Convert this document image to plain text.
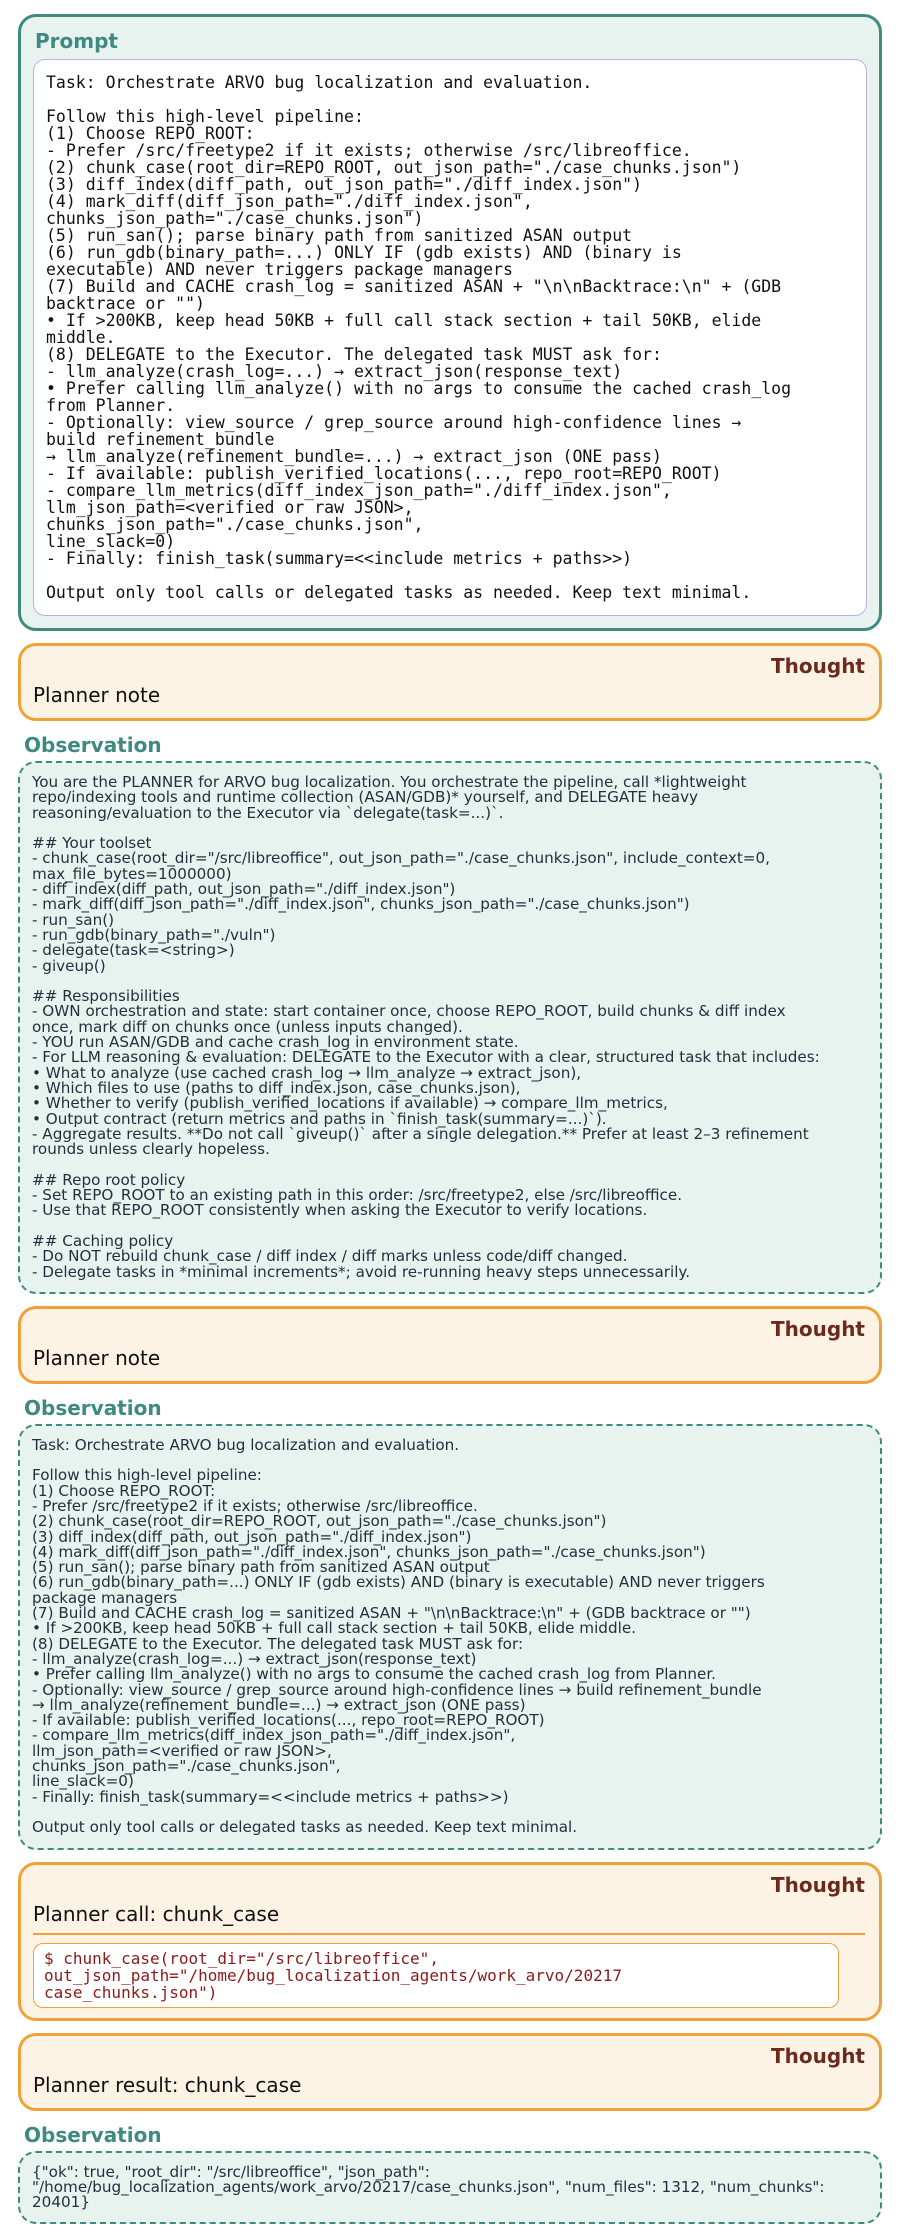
Prompt
Task: Orchestrate ARVO bug localization and evaluation.

Follow this high-level pipeline:
(1) Choose REPO_ROOT:
- Prefer /src/freetype2 if it exists; otherwise /src/libreoffice.
(2) chunk_case(root_dir=REPO_ROOT, out_json_path="./case_chunks.json")
(3) diff_index(diff_path, out_json_path="./diff_index.json")
(4) mark_diff(diff_json_path="./diff_index.json",
chunks_json_path="./case_chunks.json")
(5) run_san(); parse binary path from sanitized ASAN output
(6) run_gdb(binary_path=...) ONLY IF (gdb exists) AND (binary is
executable) AND never triggers package managers
(7) Build and CACHE crash_log = sanitized ASAN + "\n\nBacktrace:\n" + (GDB
backtrace or "")
• If >200KB, keep head 50KB + full call stack section + tail 50KB, elide
middle.
(8) DELEGATE to the Executor. The delegated task MUST ask for:
- llm_analyze(crash_log=...) → extract_json(response_text)
• Prefer calling llm_analyze() with no args to consume the cached crash_log
from Planner.
- Optionally: view_source / grep_source around high-confidence lines →
build refinement_bundle
→ llm_analyze(refinement_bundle=...) → extract_json (ONE pass)
- If available: publish_verified_locations(..., repo_root=REPO_ROOT)
- compare_llm_metrics(diff_index_json_path="./diff_index.json",
llm_json_path=<verified or raw JSON>,
chunks_json_path="./case_chunks.json",
line_slack=0)
- Finally: finish_task(summary=<<include metrics + paths>>)

Output only tool calls or delegated tasks as needed. Keep text minimal.
Thought
Planner note
Observation
You are the PLANNER for ARVO bug localization. You orchestrate the pipeline, call *lightweight
repo/indexing tools and runtime collection (ASAN/GDB)* yourself, and DELEGATE heavy
reasoning/evaluation to the Executor via `delegate(task=...)`.

## Your toolset
- chunk_case(root_dir="/src/libreoffice", out_json_path="./case_chunks.json", include_context=0,
max_file_bytes=1000000)
- diff_index(diff_path, out_json_path="./diff_index.json")
- mark_diff(diff_json_path="./diff_index.json", chunks_json_path="./case_chunks.json")
- run_san()
- run_gdb(binary_path="./vuln")
- delegate(task=<string>)
- giveup()

## Responsibilities
- OWN orchestration and state: start container once, choose REPO_ROOT, build chunks & diff index
once, mark diff on chunks once (unless inputs changed).
- YOU run ASAN/GDB and cache crash_log in environment state.
- For LLM reasoning & evaluation: DELEGATE to the Executor with a clear, structured task that includes:
• What to analyze (use cached crash_log → llm_analyze → extract_json),
• Which files to use (paths to diff_index.json, case_chunks.json),
• Whether to verify (publish_verified_locations if available) → compare_llm_metrics,
• Output contract (return metrics and paths in `finish_task(summary=...)`).
- Aggregate results. **Do not call `giveup()` after a single delegation.** Prefer at least 2–3 refinement
rounds unless clearly hopeless.

## Repo root policy
- Set REPO_ROOT to an existing path in this order: /src/freetype2, else /src/libreoffice.
- Use that REPO_ROOT consistently when asking the Executor to verify locations.

## Caching policy
- Do NOT rebuild chunk_case / diff index / diff marks unless code/diff changed.
- Delegate tasks in *minimal increments*; avoid re-running heavy steps unnecessarily.
Thought
Planner note
Observation
Task: Orchestrate ARVO bug localization and evaluation.

Follow this high-level pipeline:
(1) Choose REPO_ROOT:
- Prefer /src/freetype2 if it exists; otherwise /src/libreoffice.
(2) chunk_case(root_dir=REPO_ROOT, out_json_path="./case_chunks.json")
(3) diff_index(diff_path, out_json_path="./diff_index.json")
(4) mark_diff(diff_json_path="./diff_index.json", chunks_json_path="./case_chunks.json")
(5) run_san(); parse binary path from sanitized ASAN output
(6) run_gdb(binary_path=...) ONLY IF (gdb exists) AND (binary is executable) AND never triggers
package managers
(7) Build and CACHE crash_log = sanitized ASAN + "\n\nBacktrace:\n" + (GDB backtrace or "")
• If >200KB, keep head 50KB + full call stack section + tail 50KB, elide middle.
(8) DELEGATE to the Executor. The delegated task MUST ask for:
- llm_analyze(crash_log=...) → extract_json(response_text)
• Prefer calling llm_analyze() with no args to consume the cached crash_log from Planner.
- Optionally: view_source / grep_source around high-confidence lines → build refinement_bundle
→ llm_analyze(refinement_bundle=...) → extract_json (ONE pass)
- If available: publish_verified_locations(..., repo_root=REPO_ROOT)
- compare_llm_metrics(diff_index_json_path="./diff_index.json",
llm_json_path=<verified or raw JSON>,
chunks_json_path="./case_chunks.json",
line_slack=0)
- Finally: finish_task(summary=<<include metrics + paths>>)

Output only tool calls or delegated tasks as needed. Keep text minimal.
Thought
Planner call: chunk_case
$ chunk_case(root_dir="/src/libreoffice",
out_json_path="/home/bug_localization_agents/work_arvo/20217
case_chunks.json")
Thought
Planner result: chunk_case
Observation
{"ok": true, "root_dir": "/src/libreoffice", "json_path":
"/home/bug_localization_agents/work_arvo/20217/case_chunks.json", "num_files": 1312, "num_chunks":
20401}
